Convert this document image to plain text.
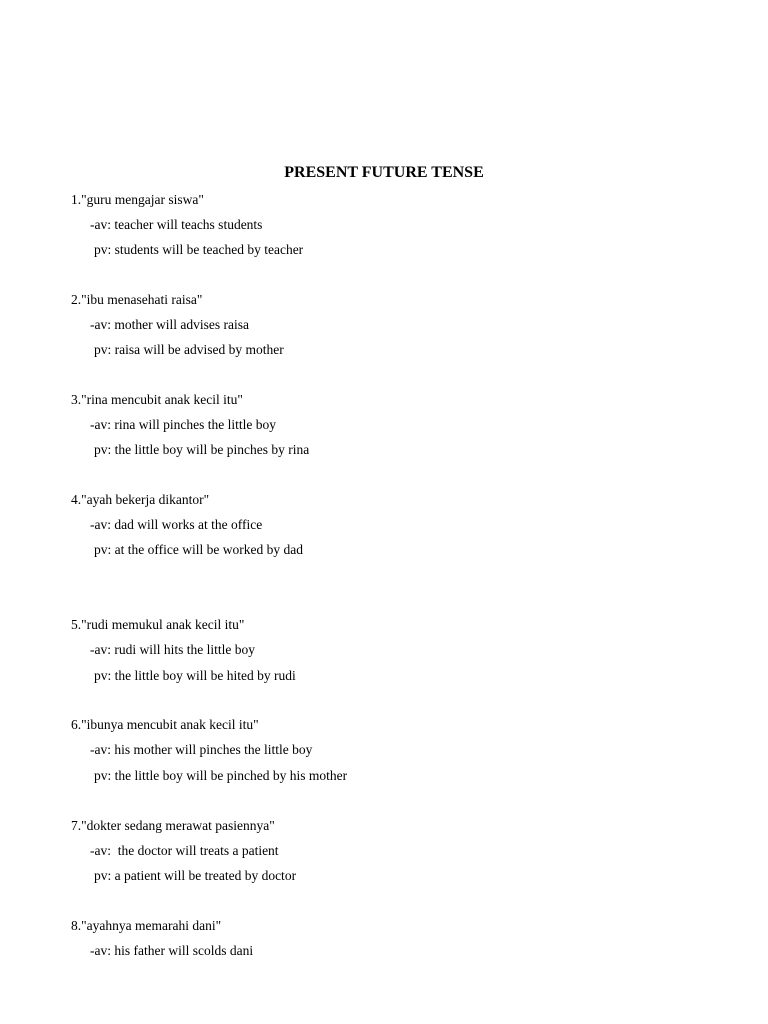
PRESENT FUTURE TENSE
1."guru mengajar siswa"
-av: teacher will teachs students
pv: students will be teached by teacher
2."ibu menasehati raisa"
-av: mother will advises raisa
pv: raisa will be advised by mother
3."rina mencubit anak kecil itu"
-av: rina will pinches the little boy
pv: the little boy will be pinches by rina
4."ayah bekerja dikantor"
-av: dad will works at the office
pv: at the office will be worked by dad
5."rudi memukul anak kecil itu"
-av: rudi will hits the little boy
pv: the little boy will be hited by rudi
6."ibunya mencubit anak kecil itu"
-av: his mother will pinches the little boy
pv: the little boy will be pinched by his mother
7."dokter sedang merawat pasiennya"
-av:  the doctor will treats a patient
pv: a patient will be treated by doctor
8."ayahnya memarahi dani"
-av: his father will scolds dani
